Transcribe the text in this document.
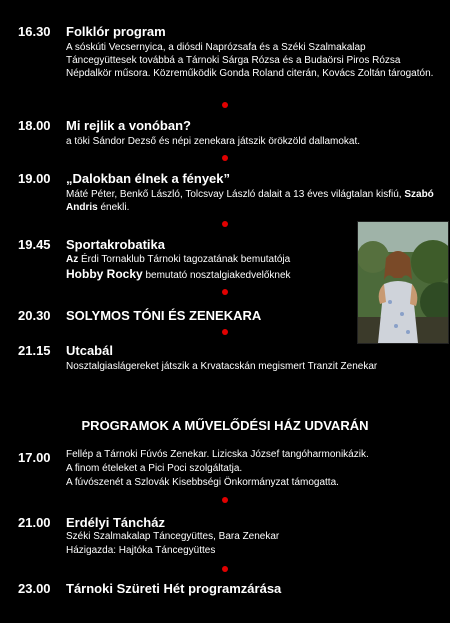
16.30 Folklór program
A sóskúti Vecsernyica, a diósdi Naprózsafa és a Széki Szalmakalap Táncegyüttesek továbbá a Tárnoki Sárga Rózsa és a Budaörsi Piros Rózsa Népdalkör műsora. Közreműködik Gonda Roland citerán, Kovács Zoltán tárogatón.
18.00 Mi rejlik a vonóban?
a töki Sándor Dezső és népi zenekara játszik örökzöld dallamokat.
19.00 „Dalokban élnek a fények”
Máté Péter, Benkő László, Tolcsvay László dalait a 13 éves világtalan kisfiú, Szabó Andris énekli.
19.45 Sportakrobatika
Az Érdi Tornaklub Tárnoki tagozatának bemutatója
Hobby Rocky bemutató nosztalgiakedvelőknek
20.30 SOLYMOS TÓNI ÉS ZENEKARA
21.15 Utcabál
Nosztalgiaslágereket játszik a Krvatacskán megismert Tranzit Zenekar
PROGRAMOK A MŰVELŐDÉSI HÁZ UDVARÁN
17.00 Fellép a Tárnoki Fúvós Zenekar. Lizicska József tangóharmonikázik.
A finom ételeket a Pici Poci szolgáltatja.
A fúvószenét a Szlovák Kisebbségi Önkormányzat támogatta.
21.00 Erdélyi Táncház
Széki Szalmakalap Táncegyüttes, Bara Zenekar
Házigazda: Hajtóka Táncegyüttes
23.00 Tárnoki Szüreti Hét programzárása
